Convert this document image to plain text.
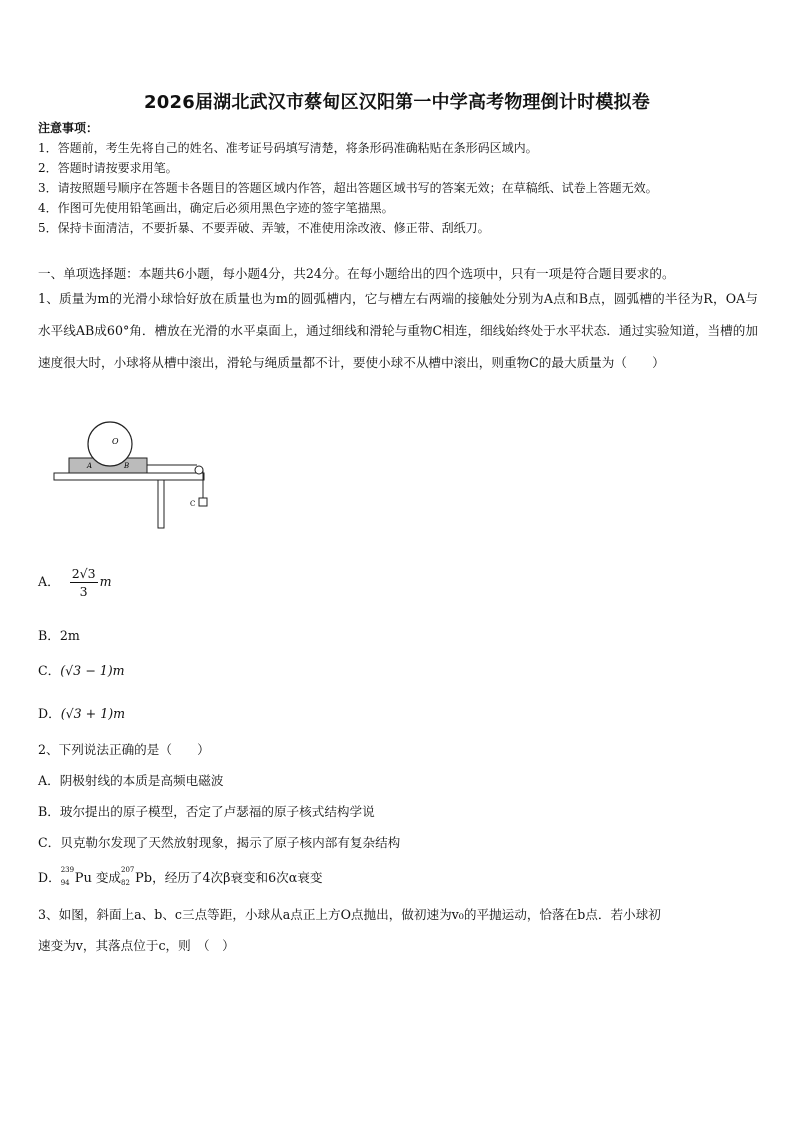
2026届湖北武汉市蔡甸区汉阳第一中学高考物理倒计时模拟卷
注意事项：
1．答题前，考生先将自己的姓名、准考证号码填写清楚，将条形码准确粘贴在条形码区域内。
2．答题时请按要求用笔。
3．请按照题号顺序在答题卡各题目的答题区域内作答，超出答题区域书写的答案无效；在草稿纸、试卷上答题无效。
4．作图可先使用铅笔画出，确定后必须用黑色字迹的签字笔描黑。
5．保持卡面清洁，不要折暴、不要弄破、弄皱，不准使用涂改液、修正带、刮纸刀。
一、单项选择题：本题共6小题，每小题4分，共24分。在每小题给出的四个选项中，只有一项是符合题目要求的。
1、质量为m的光滑小球恰好放在质量也为m的圆弧槽内，它与槽左右两端的接触处分别为A点和B点，圆弧槽的半径为R，OA与水平线AB成60°角．槽放在光滑的水平桌面上，通过细线和滑轮与重物C相连，细线始终处于水平状态．通过实验知道，当槽的加速度很大时，小球将从槽中滚出，滑轮与绳质量都不计，要使小球不从槽中滚出，则重物C的最大质量为（　　）
O
A	B
C
A． $\frac{2√3}{3}$ m
B．2m
C．(√3 − 1)m
D．(√3 + 1)m
2、下列说法正确的是（　　）
A．阴极射线的本质是高频电磁波
B．玻尔提出的原子模型，否定了卢瑟福的原子核式结构学说
C．贝克勒尔发现了天然放射现象，揭示了原子核内部有复杂结构
D． 239
94 Pu 变成 207
82 Pb，经历了4次β衰变和6次α衰变
3、如图，斜面上a、b、c三点等距，小球从a点正上方O点抛出，做初速为v₀的平抛运动，恰落在b点．若小球初
速变为v，其落点位于c，则　（　）
